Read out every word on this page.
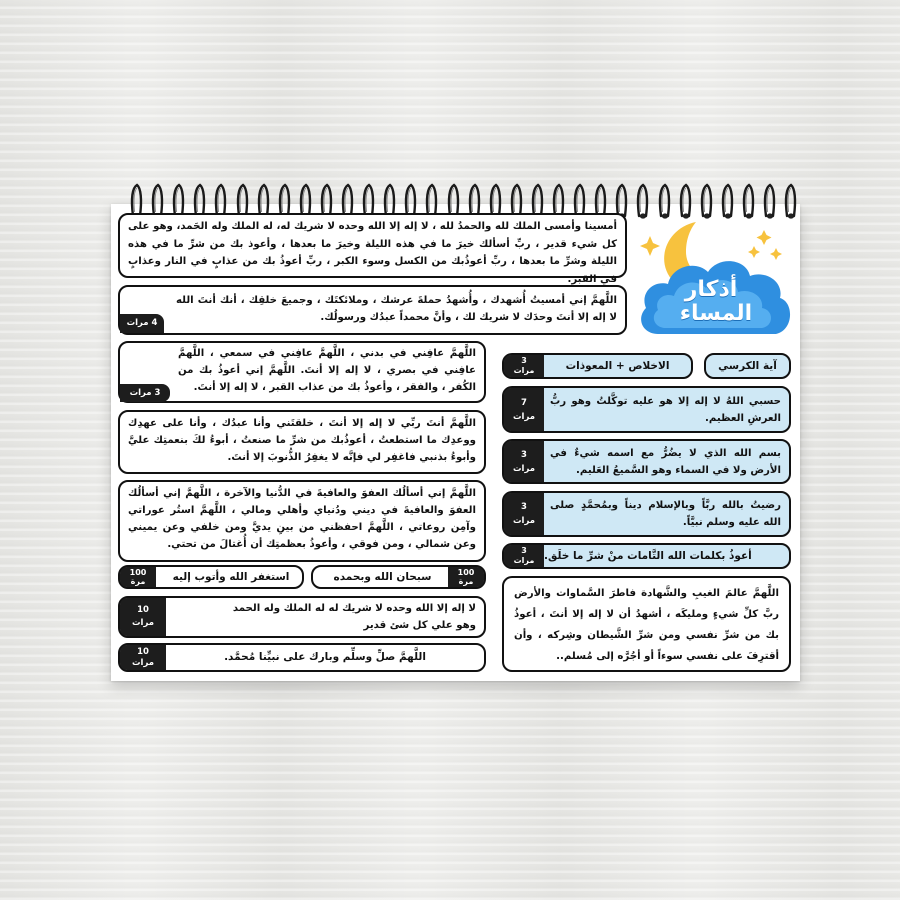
أذكار
المساء
أمسينا وأمسى الملك لله والحمدُ لله ، لا إله إلا الله وحده لا شريك له، له الملك وله الحَمد، وهو على كل شيء قدير ، ربِّ أسألك خيرَ ما في هذه الليلة وخيرَ ما بعدها ، وأعوذ بك من شرِّ ما في هذه الليلة وشرِّ ما بعدها ، ربِّ أعوذُبك من الكسل وسوء الكبر ، ربِّ أعوذُ بك من عذابٍ في النار وعذابٍ في القبر.
اللَّهمَّ إني أمسيتُ أُشهدك ، وأُشهدُ حملةَ عرشك ، وملائكتَك ، وجميعَ خلقِك ، أنك أنتَ الله لا إله إلا أنتَ وحدَك لا شريك لك ، وأنَّ محمداً عبدُك ورسولُك.
4 مرات
اللَّهمَّ عافِني في بدني ، اللَّهمَّ عافِني في سمعي ، اللَّهمَّ عافِني في بصري ، لا إله إلا أنتَ. اللَّهمَّ إني أعوذُ بك من الكُفر ، والفقر ، وأعوذُ بك من عذاب القبر ، لا إله إلا أنتَ.
3 مرات
اللَّهمَّ أنتَ ربِّي لا إله إلا أنتَ ، خلقتَني وأنا عبدُك ، وأنا على عهدِك ووعدِك ما استطعتُ ، أعوذُبك من شرِّ ما صنعتُ ، أبوءُ لكَ بنعمتِك عليَّ وأبوءُ بذنبي فاغفِر لي فإنَّه لا يغفِرُ الذُّنوبَ إلا أنتَ.
اللَّهمَّ إني أسألُك العفوَ والعافيةَ في الدُّنيا والآخرة ، اللَّهمَّ إني أسألُك العفوَ والعافيةَ في ديني ودُنياي وأهلي ومالي ، اللَّهمَّ استُر عوراتي وآمِن روعاتي ، اللَّهمَّ احفظني من بينِ يديَّ ومن خلفي وعن يميني وعن شمالي ، ومن فوقي ، وأعوذُ بعظمتِك أن أُغتالَ من تحتي.
100
مرة
سبحان الله وبحمده
استغفر الله وأتوب إليه
100
مرة
10
مرات
لا إله إلا الله وحده لا شريك له له الملك وله الحمد
وهو علي كل شئ قدير
10
مرات	اللَّهمَّ صلِّ وسلِّم وبارك على نبيِّنا مُحمَّد.
آية الكرسي
3
مرات	الاخلاص + المعوذات
7
مرات
حسبي اللهُ لا إله إلا هو عليه توكَّلتُ وهو ربُّ العرشِ العظيم.
3
مرات
بسم الله الذي لا يضُرُّ مع اسمه شيءٌ في الأرض ولا في السماء وهو السَّميعُ العَليم.
3
مرات
رضيتُ بالله ربَّاً وبالإسلام ديناً وبمُحمَّدٍ صلى الله عليه وسلم نبيَّاً.
3
مرات أعوذُ بكلمات الله التَّامات منْ شرِّ ما خلَق.
اللَّهمَّ عالمَ الغيبِ والشَّهادة فاطرَ السَّماوات والأرض ربَّ كلِّ شيءٍ ومليكَه ، أشهدُ أن لا إله إلا أنتَ ، أعوذُ بك من شرِّ نفسي ومن شرِّ الشَّيطان وشِركه ، وأن أقترِفَ على نفسي سوءاً أو أجُرَّه إلى مُسلم..
